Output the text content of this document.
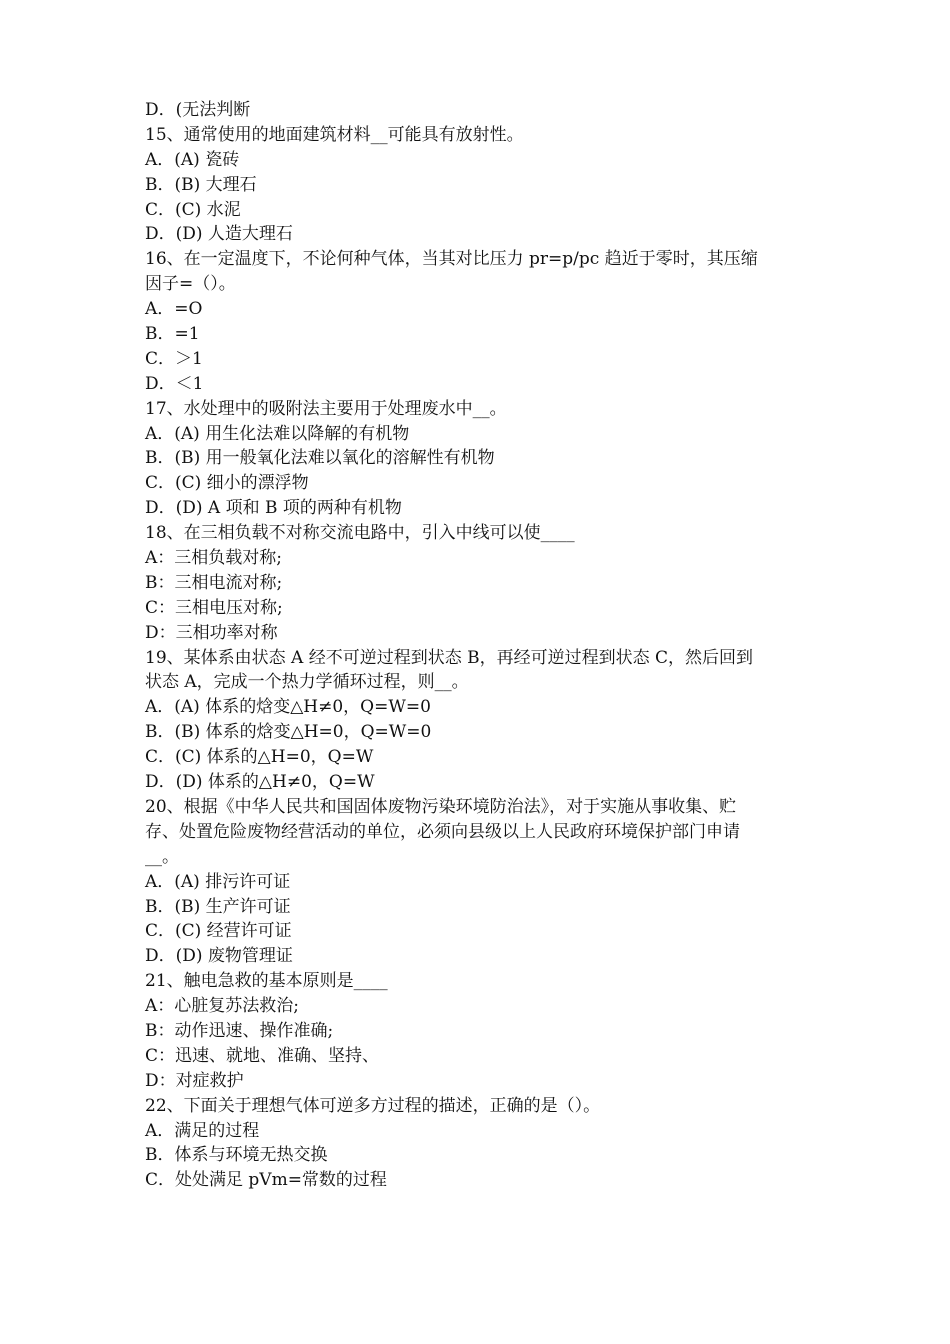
D．(无法判断
15、通常使用的地面建筑材料__可能具有放射性。
A．(A) 瓷砖
B．(B) 大理石
C．(C) 水泥
D．(D) 人造大理石
16、在一定温度下，不论何种气体，当其对比压力 pr=p/pc 趋近于零时，其压缩
因子=（）。
A．=O
B．=1
C．＞1
D．＜1
17、水处理中的吸附法主要用于处理废水中__。
A．(A) 用生化法难以降解的有机物
B．(B) 用一般氧化法难以氧化的溶解性有机物
C．(C) 细小的漂浮物
D．(D) A 项和 B 项的两种有机物
18、在三相负载不对称交流电路中，引入中线可以使____
A：三相负载对称;
B：三相电流对称;
C：三相电压对称;
D：三相功率对称
19、某体系由状态 A 经不可逆过程到状态 B，再经可逆过程到状态 C，然后回到
状态 A，完成一个热力学循环过程，则__。
A．(A) 体系的焓变△H≠0，Q=W=0
B．(B) 体系的焓变△H=0，Q=W=0
C．(C) 体系的△H=0，Q=W
D．(D) 体系的△H≠0，Q=W
20、根据《中华人民共和国固体废物污染环境防治法》，对于实施从事收集、贮
存、处置危险废物经营活动的单位，必须向县级以上人民政府环境保护部门申请
__。
A．(A) 排污许可证
B．(B) 生产许可证
C．(C) 经营许可证
D．(D) 废物管理证
21、触电急救的基本原则是____
A：心脏复苏法救治;
B：动作迅速、操作准确;
C：迅速、就地、准确、坚持、
D：对症救护
22、下面关于理想气体可逆多方过程的描述，正确的是（）。
A．满足的过程
B．体系与环境无热交换
C．处处满足 pVm=常数的过程
